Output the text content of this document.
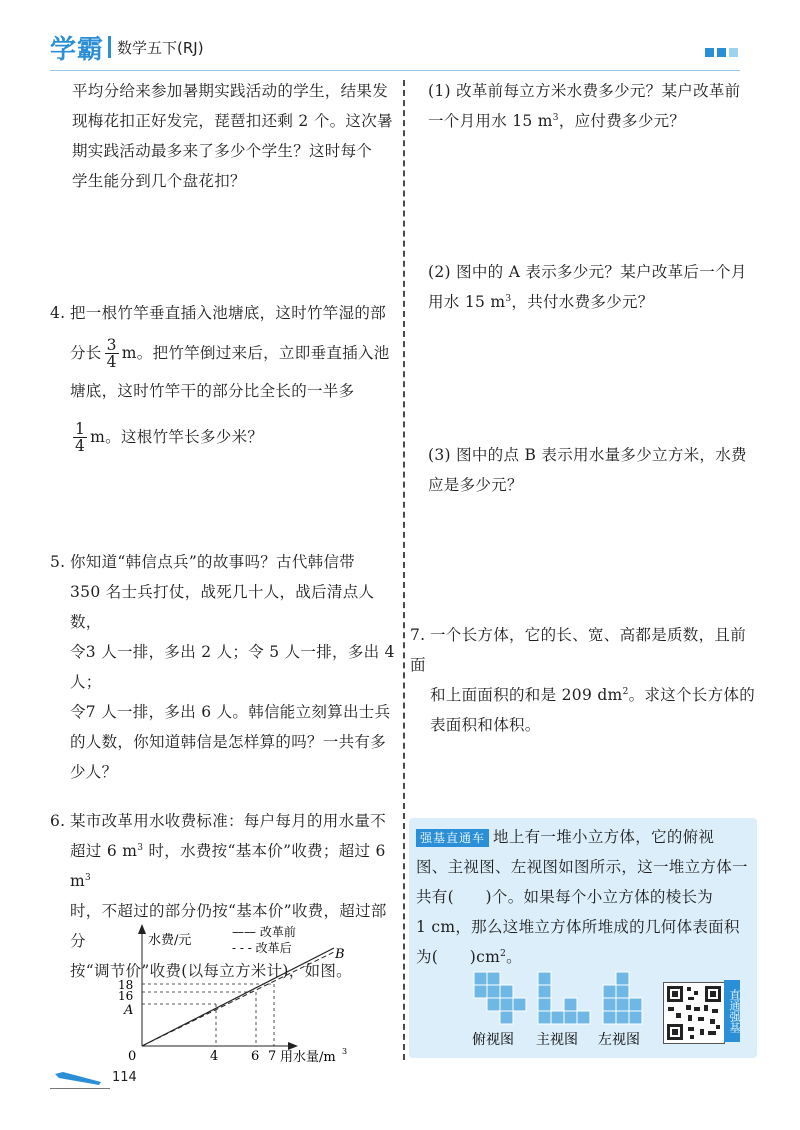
学霸 数学五下(RJ)
平均分给来参加暑期实践活动的学生，结果发
现梅花扣正好发完，琵琶扣还剩 2 个。这次暑
期实践活动最多来了多少个学生？这时每个
学生能分到几个盘花扣？
4. 把一根竹竿垂直插入池塘底，这时竹竿湿的部
分长 $\frac{3}{4}$ m。把竹竿倒过来后，立即垂直插入池
塘底，这时竹竿干的部分比全长的一半多
$\frac{1}{4}$ m。这根竹竿长多少米？
5. 你知道“韩信点兵”的故事吗？古代韩信带
350 名士兵打仗，战死几十人，战后清点人数，
令3 人一排，多出 2 人；令 5 人一排，多出 4 人；
令7 人一排，多出 6 人。韩信能立刻算出士兵
的人数，你知道韩信是怎样算的吗？一共有多
少人？
6. 某市改革用水收费标准：每户每月的用水量不
超过 6 $m^3$ 时，水费按“基本价”收费；超过 6 $m^3$
时，不超过的部分仍按“基本价”收费，超过部分
按“调节价”收费(以每立方米计)，如图。
水费/元
用水量/m 3
—— 改革前
- - - 改革后
0
18
16
A
B
4	6 7
(1) 改革前每立方米水费多少元？某户改革前
一个月用水 15 $m^3$，应付费多少元？
(2) 图中的 A 表示多少元？某户改革后一个月
用水 15 $m^3$，共付水费多少元？
(3) 图中的点 B 表示用水量多少立方米，水费
应是多少元？
7. 一个长方体，它的长、宽、高都是质数，且前面
和上面面积的和是 209 $dm^2$。求这个长方体的
表面积和体积。
强基直通车 地上有一堆小立方体，它的俯视
图、主视图、左视图如图所示，这一堆立方体一
共有(　　)个。如果每个小立方体的棱长为
1 cm，那么这堆立方体所堆成的几何体表面积
为(　　)$cm^2$。
俯视图 主视图 左视图
直通强基
114
